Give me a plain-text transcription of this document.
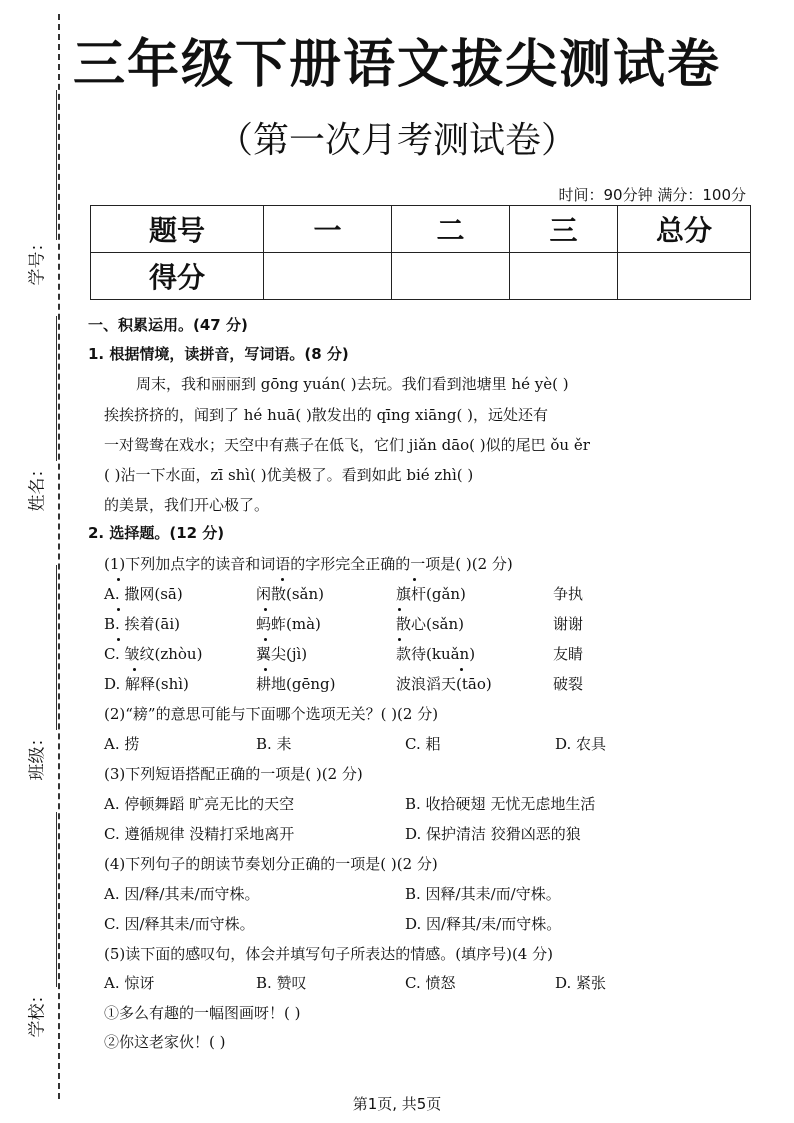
学号：
姓名：
班级：
学校：
三年级下册语文拔尖测试卷
（第一次月考测试卷）
时间：90分钟 满分：100分
题号	一	二	三	总分
得分				
一、积累运用。(47 分)
1. 根据情境，读拼音，写词语。(8 分)
周末，我和丽丽到 gōng yuán( )去玩。我们看到池塘里 hé yè( )
挨挨挤挤的，闻到了 hé huā( )散发出的 qīng xiāng( )，远处还有
一对鸳鸯在戏水；天空中有燕子在低飞，它们 jiǎn dāo( )似的尾巴 ǒu ěr
( )沾一下水面，zī shì( )优美极了。看到如此 bié zhì( )
的美景，我们开心极了。
2. 选择题。(12 分)
(1)下列加点字的读音和词语的字形完全正确的一项是( )(2 分)
A. 撒网(sā)	闲散(sǎn)	旗杆(gǎn)	争执
B. 挨着(āi)	蚂蚱(mà)	散心(sǎn)	谢谢
C. 皱纹(zhòu)	翼尖(jì)	款待(kuǎn)	友睛
D. 解释(shì)	耕地(gēng)	波浪滔天(tāo)	破裂
(2)“耪”的意思可能与下面哪个选项无关？( )(2 分)
A. 捞	B. 耒	C. 耜	D. 农具
(3)下列短语搭配正确的一项是( )(2 分)
A. 停顿舞蹈 旷亮无比的天空	B. 收拾硬翅 无忧无虑地生活
C. 遵循规律 没精打采地离开	D. 保护清洁 狡猾凶恶的狼
(4)下列句子的朗读节奏划分正确的一项是( )(2 分)
A. 因/释/其耒/而守株。	B. 因释/其耒/而/守株。
C. 因/释其耒/而守株。	D. 因/释其/耒/而守株。
(5)读下面的感叹句，体会并填写句子所表达的情感。(填序号)(4 分)
A. 惊讶	B. 赞叹	C. 愤怒	D. 紧张
①多么有趣的一幅图画呀！( )
②你这老家伙！( )
第1页, 共5页
